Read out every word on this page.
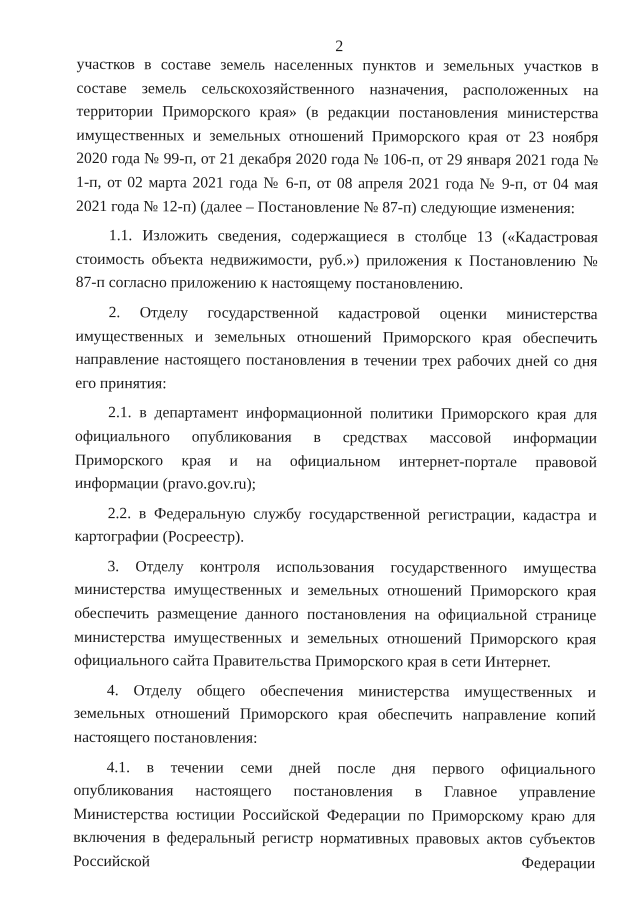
2

участков в составе земель населенных пунктов и земельных участков в составе земель сельскохозяйственного назначения, расположенных на территории Приморского края» (в редакции постановления министерства имущественных и земельных отношений Приморского края от 23 ноября 2020 года № 99-п, от 21 декабря 2020 года № 106-п, от 29 января 2021 года № 1-п, от 02 марта 2021 года № 6-п, от 08 апреля 2021 года № 9-п, от 04 мая 2021 года № 12-п) (далее – Постановление № 87-п) следующие изменения:

1.1. Изложить сведения, содержащиеся в столбце 13 («Кадастровая стоимость объекта недвижимости, руб.») приложения к Постановлению № 87-п согласно приложению к настоящему постановлению.

2. Отделу государственной кадастровой оценки министерства имущественных и земельных отношений Приморского края обеспечить направление настоящего постановления в течении трех рабочих дней со дня его принятия:

2.1. в департамент информационной политики Приморского края для официального опубликования в средствах массовой информации Приморского края и на официальном интернет-портале правовой информации (pravo.gov.ru);

2.2. в Федеральную службу государственной регистрации, кадастра и картографии (Росреестр).

3. Отделу контроля использования государственного имущества министерства имущественных и земельных отношений Приморского края обеспечить размещение данного постановления на официальной странице министерства имущественных и земельных отношений Приморского края официального сайта Правительства Приморского края в сети Интернет.

4. Отделу общего обеспечения министерства имущественных и земельных отношений Приморского края обеспечить направление копий настоящего постановления:

4.1. в течении семи дней после дня первого официального опубликования настоящего постановления в Главное управление Министерства юстиции Российской Федерации по Приморскому краю для включения в федеральный регистр нормативных правовых актов субъектов Российской Федерации
